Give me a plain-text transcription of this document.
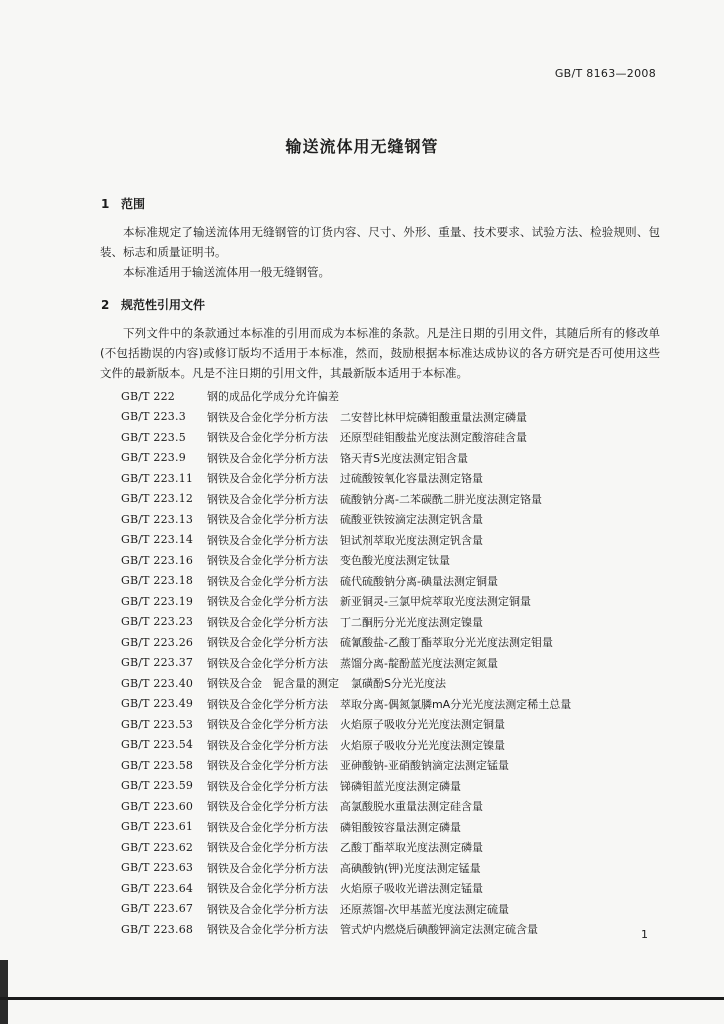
GB/T 8163—2008
输送流体用无缝钢管
1 范围

本标准规定了输送流体用无缝钢管的订货内容、尺寸、外形、重量、技术要求、试验方法、检验规则、包装、标志和质量证明书。

本标准适用于输送流体用一般无缝钢管。

2 规范性引用文件

下列文件中的条款通过本标准的引用而成为本标准的条款。凡是注日期的引用文件，其随后所有的修改单(不包括勘误的内容)或修订版均不适用于本标准，然而，鼓励根据本标准达成协议的各方研究是否可使用这些文件的最新版本。凡是不注日期的引用文件，其最新版本适用于本标准。

GB/T 222	钢的成品化学成分允许偏差
GB/T 223.3	钢铁及合金化学分析方法 二安替比林甲烷磷钼酸重量法测定磷量
GB/T 223.5	钢铁及合金化学分析方法 还原型硅钼酸盐光度法测定酸溶硅含量
GB/T 223.9	钢铁及合金化学分析方法 铬天青S光度法测定铝含量
GB/T 223.11	钢铁及合金化学分析方法 过硫酸铵氧化容量法测定铬量
GB/T 223.12	钢铁及合金化学分析方法 硫酸钠分离-二苯碳酰二肼光度法测定铬量
GB/T 223.13	钢铁及合金化学分析方法 硫酸亚铁铵滴定法测定钒含量
GB/T 223.14	钢铁及合金化学分析方法 钽试剂萃取光度法测定钒含量
GB/T 223.16	钢铁及合金化学分析方法 变色酸光度法测定钛量
GB/T 223.18	钢铁及合金化学分析方法 硫代硫酸钠分离-碘量法测定铜量
GB/T 223.19	钢铁及合金化学分析方法 新亚铜灵-三氯甲烷萃取光度法测定铜量
GB/T 223.23	钢铁及合金化学分析方法 丁二酮肟分光光度法测定镍量
GB/T 223.26	钢铁及合金化学分析方法 硫氰酸盐-乙酸丁酯萃取分光光度法测定钼量
GB/T 223.37	钢铁及合金化学分析方法 蒸馏分离-靛酚蓝光度法测定氮量
GB/T 223.40	钢铁及合金　铌含量的测定 氯磺酚S分光光度法
GB/T 223.49	钢铁及合金化学分析方法 萃取分离-偶氮氯膦mA分光光度法测定稀土总量
GB/T 223.53	钢铁及合金化学分析方法 火焰原子吸收分光光度法测定铜量
GB/T 223.54	钢铁及合金化学分析方法 火焰原子吸收分光光度法测定镍量
GB/T 223.58	钢铁及合金化学分析方法 亚砷酸钠-亚硝酸钠滴定法测定锰量
GB/T 223.59	钢铁及合金化学分析方法 锑磷钼蓝光度法测定磷量
GB/T 223.60	钢铁及合金化学分析方法 高氯酸脱水重量法测定硅含量
GB/T 223.61	钢铁及合金化学分析方法 磷钼酸铵容量法测定磷量
GB/T 223.62	钢铁及合金化学分析方法 乙酸丁酯萃取光度法测定磷量
GB/T 223.63	钢铁及合金化学分析方法 高碘酸钠(钾)光度法测定锰量
GB/T 223.64	钢铁及合金化学分析方法 火焰原子吸收光谱法测定锰量
GB/T 223.67	钢铁及合金化学分析方法 还原蒸馏-次甲基蓝光度法测定硫量
GB/T 223.68	钢铁及合金化学分析方法 管式炉内燃烧后碘酸钾滴定法测定硫含量	1
